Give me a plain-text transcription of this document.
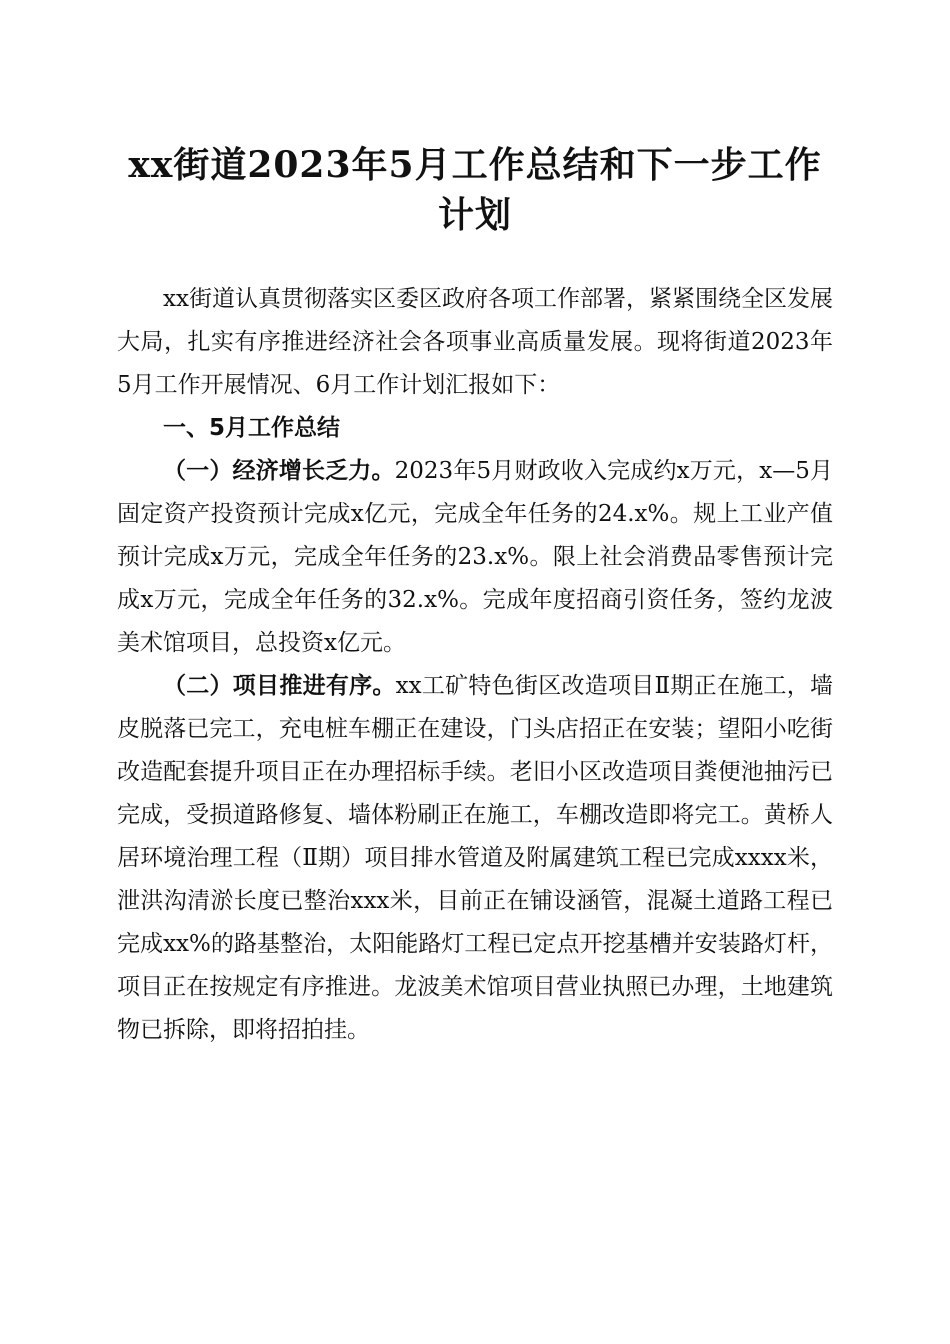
xx街道2023年5月工作总结和下一步工作计划

xx街道认真贯彻落实区委区政府各项工作部署，紧紧围绕全区发展大局，扎实有序推进经济社会各项事业高质量发展。现将街道2023年5月工作开展情况、6月工作计划汇报如下：

一、5月工作总结

（一）经济增长乏力。2023年5月财政收入完成约x万元，x—5月固定资产投资预计完成x亿元，完成全年任务的24.x%。规上工业产值预计完成x万元，完成全年任务的23.x%。限上社会消费品零售预计完成x万元，完成全年任务的32.x%。完成年度招商引资任务，签约龙波美术馆项目，总投资x亿元。

（二）项目推进有序。xx工矿特色街区改造项目Ⅱ期正在施工，墙皮脱落已完工，充电桩车棚正在建设，门头店招正在安装；望阳小吃街改造配套提升项目正在办理招标手续。老旧小区改造项目粪便池抽污已完成，受损道路修复、墙体粉刷正在施工，车棚改造即将完工。黄桥人居环境治理工程（Ⅱ期）项目排水管道及附属建筑工程已完成xxxx米，泄洪沟清淤长度已整治xxx米，目前正在铺设涵管，混凝土道路工程已完成xx%的路基整治，太阳能路灯工程已定点开挖基槽并安装路灯杆，项目正在按规定有序推进。龙波美术馆项目营业执照已办理，土地建筑物已拆除，即将招拍挂。
